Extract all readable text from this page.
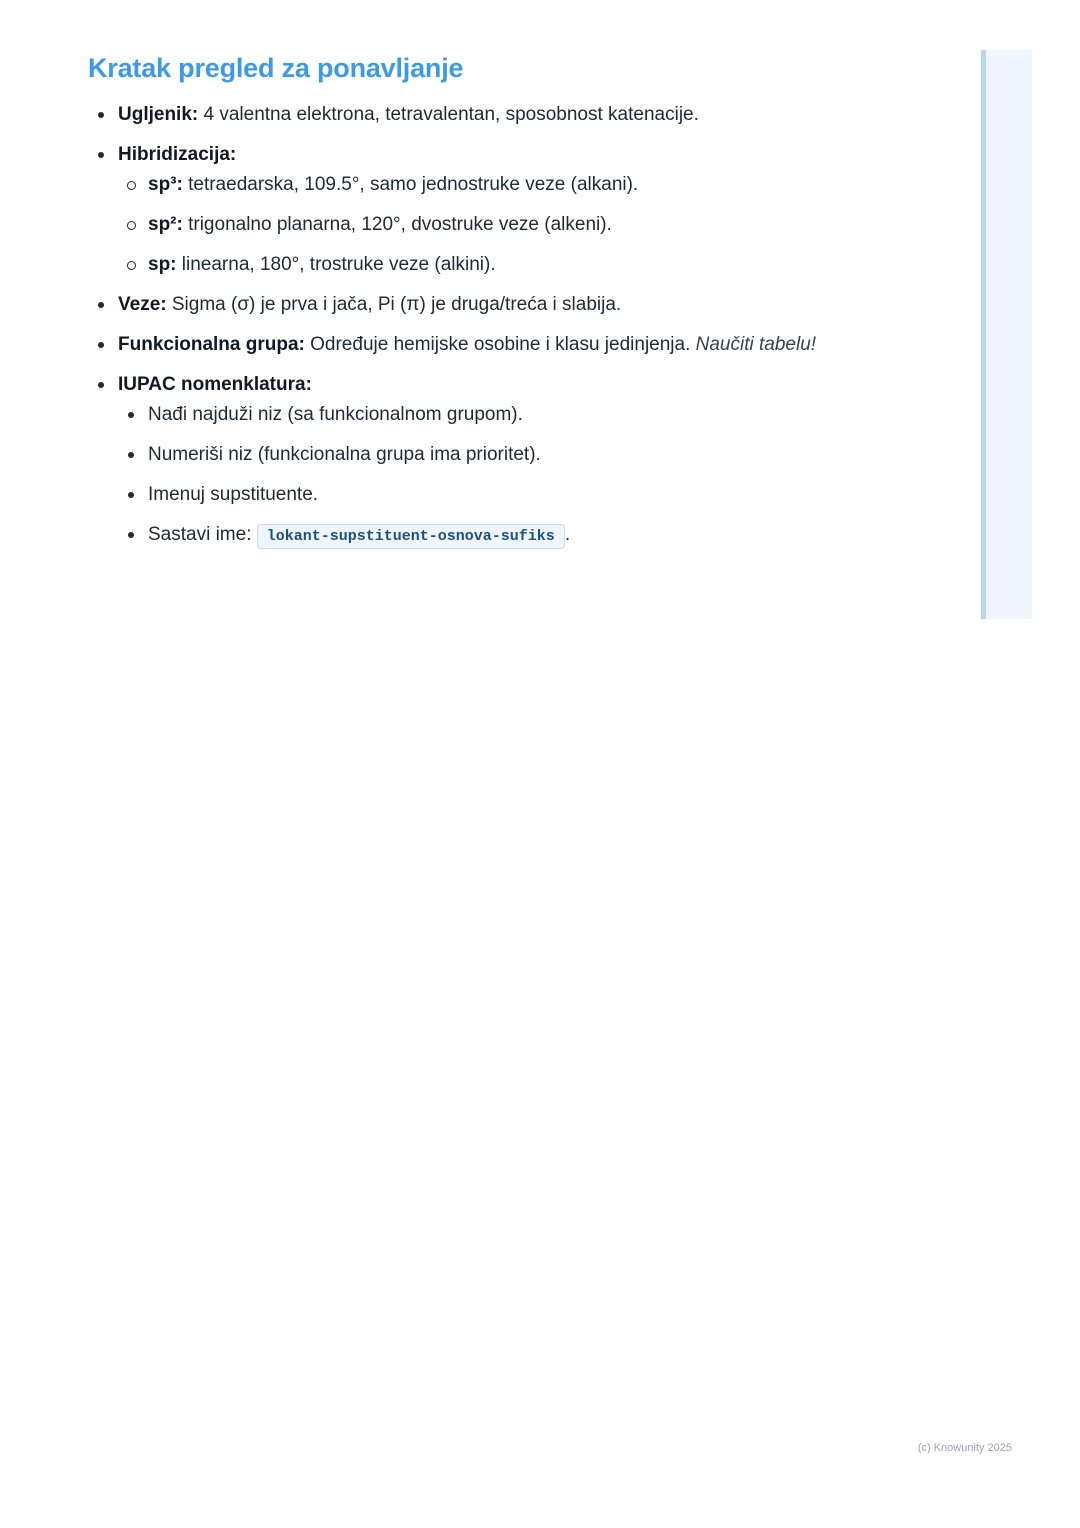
Kratak pregled za ponavljanje
Ugljenik: 4 valentna elektrona, tetravalentan, sposobnost katenacije.
Hibridizacija:
sp³: tetraedarska, 109.5°, samo jednostruke veze (alkani).
sp²: trigonalno planarna, 120°, dvostruke veze (alkeni).
sp: linearna, 180°, trostruke veze (alkini).
Veze: Sigma (σ) je prva i jača, Pi (π) je druga/treća i slabija.
Funkcionalna grupa: Određuje hemijske osobine i klasu jedinjenja. Naučiti tabelu!
IUPAC nomenklatura:
Nađi najduži niz (sa funkcionalnom grupom).
Numeriši niz (funkcionalna grupa ima prioritet).
Imenuj supstituente.
Sastavi ime: lokant-supstituent-osnova-sufiks .
(c) Knowunity 2025
